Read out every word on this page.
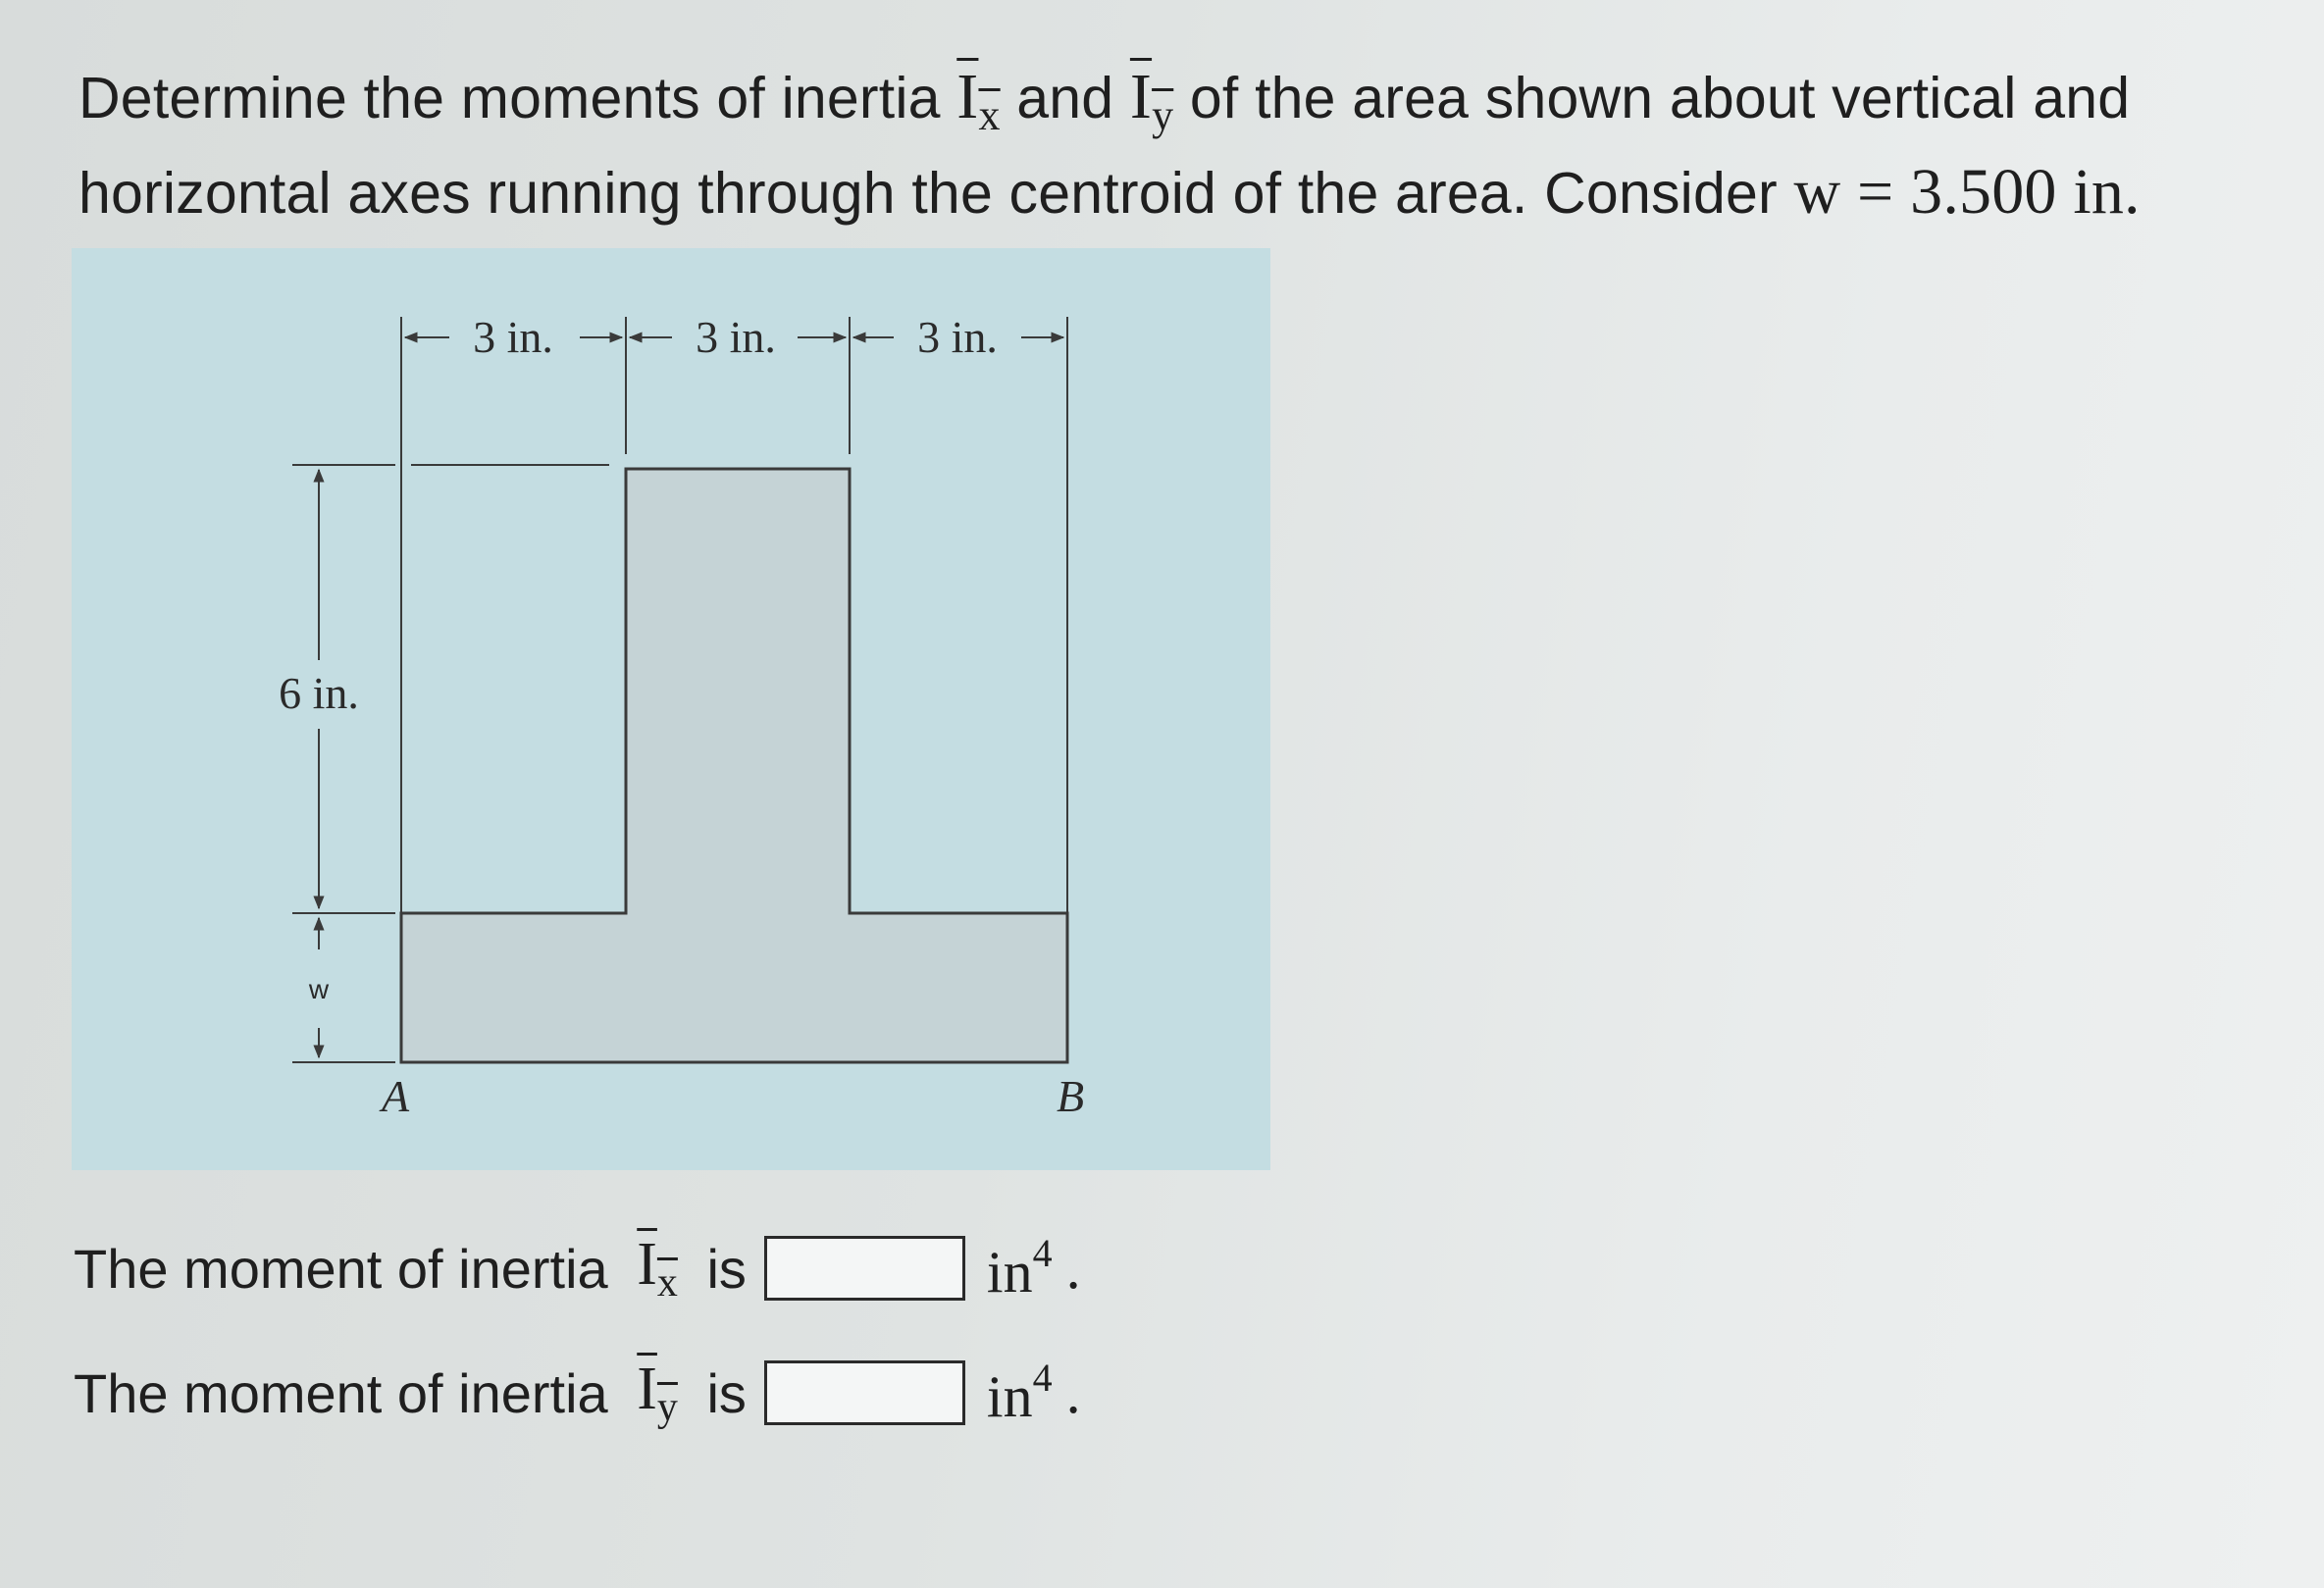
Determine the moments of inertia $I_x$ and $I_y$ of the area shown about vertical and horizontal axes running through the centroid of the area. Consider w = 3.500 in.
3 in.	3 in.	3 in.
6 in.
w
A	B
The moment of inertia $I_x$ is	$in^4$ .
The moment of inertia $I_y$ is	$in^4$ .
